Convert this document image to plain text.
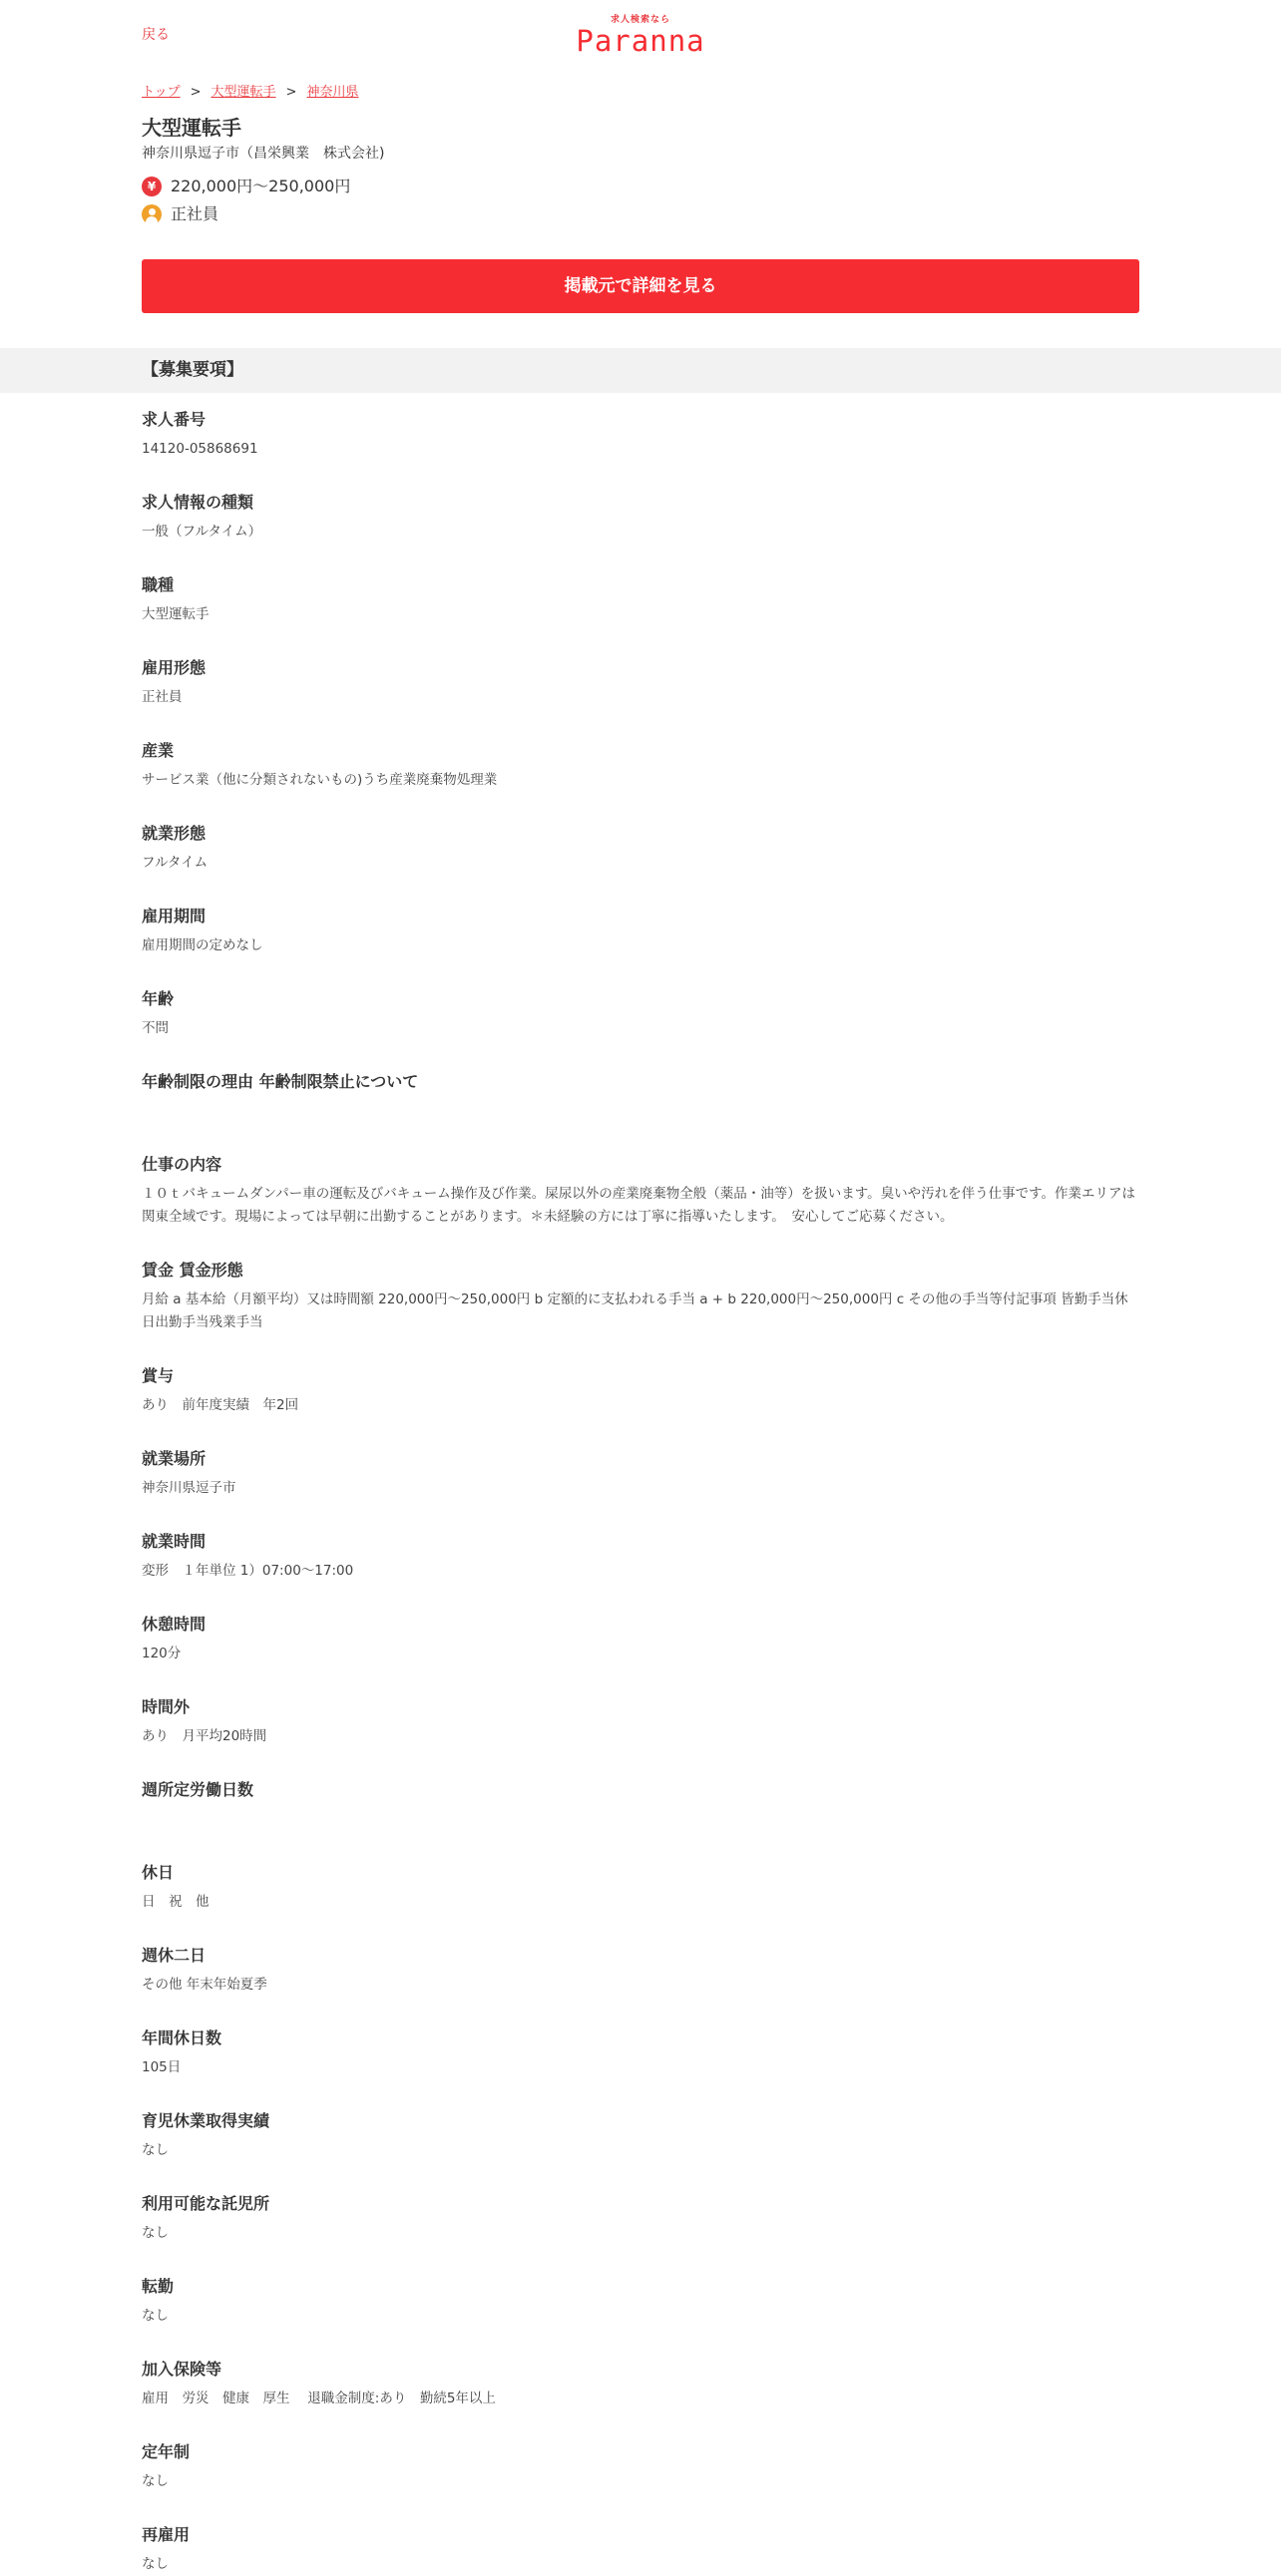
戻る
求人検索なら
Paranna
トップ > 大型運転手 > 神奈川県
大型運転手

神奈川県逗子市（昌栄興業　株式会社)

¥ 220,000円～250,000円
正社員
掲載元で詳細を見る
【募集要項】
求人番号
14120-05868691
求人情報の種類
一般（フルタイム）
職種
大型運転手
雇用形態
正社員
産業
サービス業（他に分類されないもの)うち産業廃棄物処理業
就業形態
フルタイム
雇用期間
雇用期間の定めなし
年齢
不問
年齢制限の理由 年齢制限禁止について
仕事の内容
１０ｔバキュームダンパー車の運転及びバキューム操作及び作業。屎尿以外の産業廃棄物全般（薬品・油等）を扱います。臭いや汚れを伴う仕事です。作業エリアは関東全域です。現場によっては早朝に出勤することがあります。＊未経験の方には丁寧に指導いたします。　安心してご応募ください。
賃金 賃金形態
月給 a 基本給（月額平均）又は時間額 220,000円～250,000円 b 定額的に支払われる手当 a + b 220,000円～250,000円 c その他の手当等付記事項 皆勤手当休日出勤手当残業手当
賞与
あり　前年度実績　年2回
就業場所
神奈川県逗子市
就業時間
変形　１年単位 1）07:00～17:00
休憩時間
120分
時間外
あり　月平均20時間
週所定労働日数
休日
日　祝　他
週休二日
その他 年末年始夏季
年間休日数
105日
育児休業取得実績
なし
利用可能な託児所
なし
転勤
なし
加入保険等
雇用　労災　健康　厚生　 退職金制度:あり　勤続5年以上
定年制
なし
再雇用
なし
